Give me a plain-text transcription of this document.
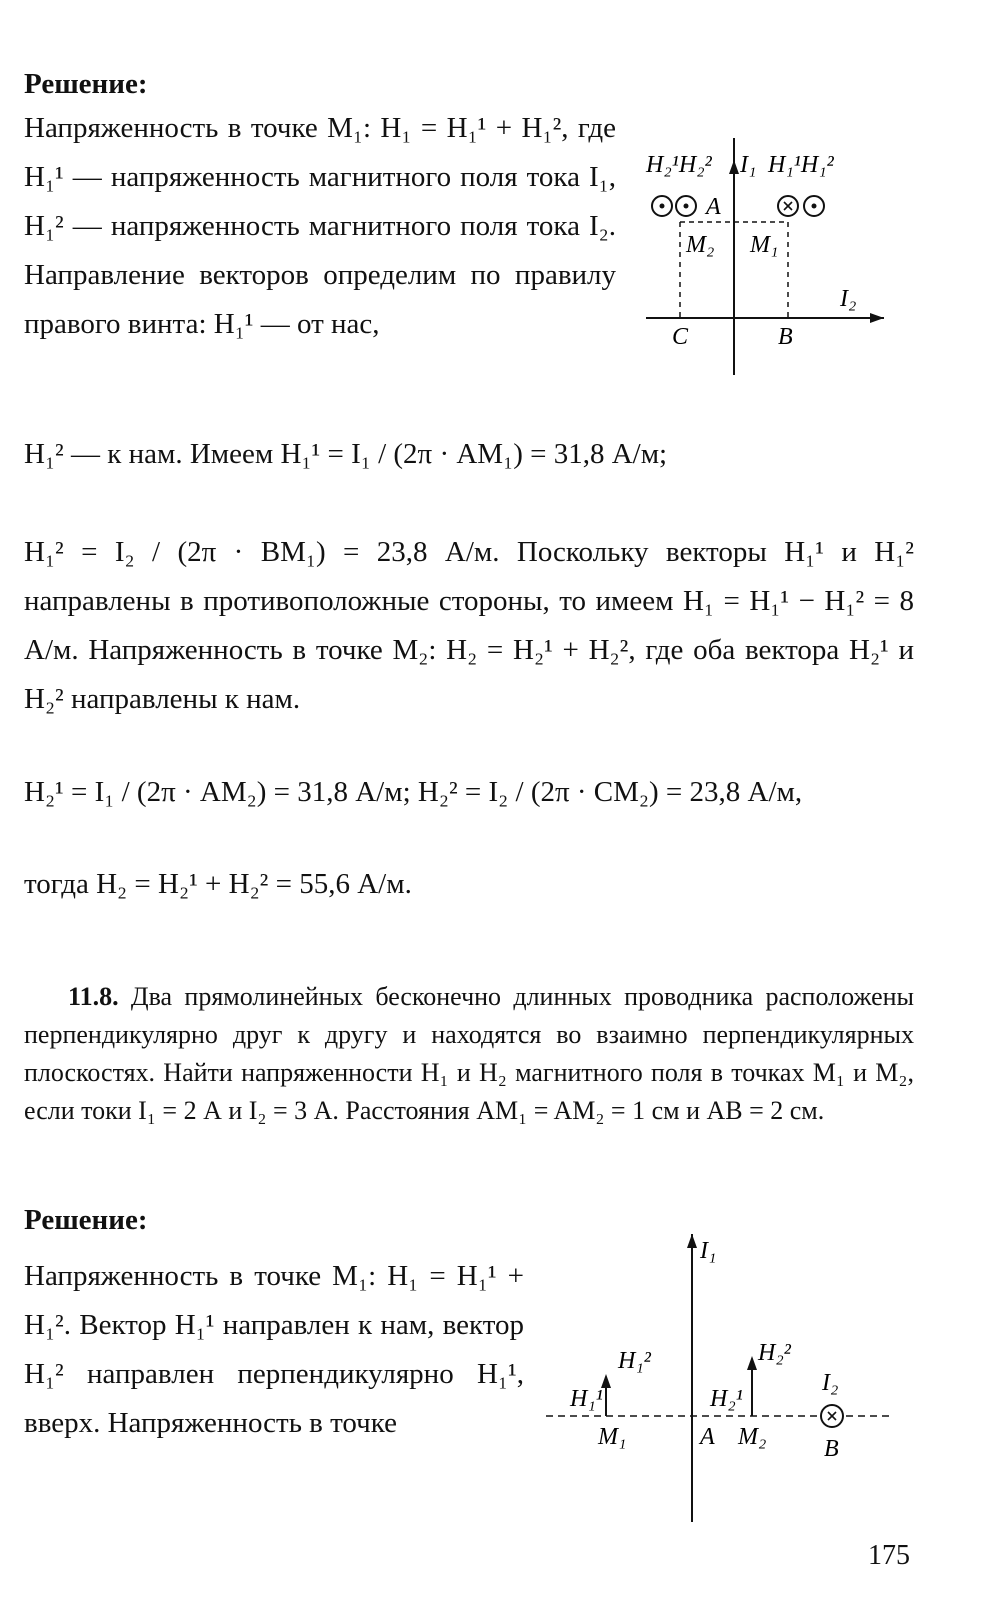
Решение:

Напряженность в точке M₁: H₁ = H₁¹ + H₁², где H₁¹ — напряженность магнитного поля тока I₁, H₁² — напряженность магнитного поля тока I₂. Направление векторов определим по правилу правого винта: H₁¹ — от нас,

H₁² — к нам. Имеем H₁¹ = I₁ / (2π · AM₁) = 31,8 А/м;

H₁² = I₂ / (2π · BM₁) = 23,8 А/м. Поскольку векторы H₁¹ и H₁² направлены в противоположные стороны, то имеем H₁ = H₁¹ − H₁² = 8 А/м. Напряженность в точке M₂: H₂ = H₂¹ + H₂², где оба вектора H₂¹ и H₂² направлены к нам.

H₂¹ = I₁ / (2π · AM₂) = 31,8 А/м; H₂² = I₂ / (2π · CM₂) = 23,8 А/м,

тогда H₂ = H₂¹ + H₂² = 55,6 А/м.

H₂¹H₂² I₁ H₁¹H₁²
A
M₂ M₁
I₂
C	B

11.8. Два прямолинейных бесконечно длинных проводника расположены перпендикулярно друг к другу и находятся во взаимно перпендикулярных плоскостях. Найти напряженности H₁ и H₂ магнитного поля в точках M₁ и M₂, если токи I₁ = 2 А и I₂ = 3 А. Расстояния AM₁ = AM₂ = 1 см и AB = 2 см.

Решение:

Напряженность в точке M₁: H₁ = H₁¹ + H₁². Вектор H₁¹ направлен к нам, вектор H₁² направлен перпендикулярно H₁¹, вверх. Напряженность в точке

I₁
H₁²	H₂²
H₁¹	H₂¹
I₂
M₁	A M₂ B
175
